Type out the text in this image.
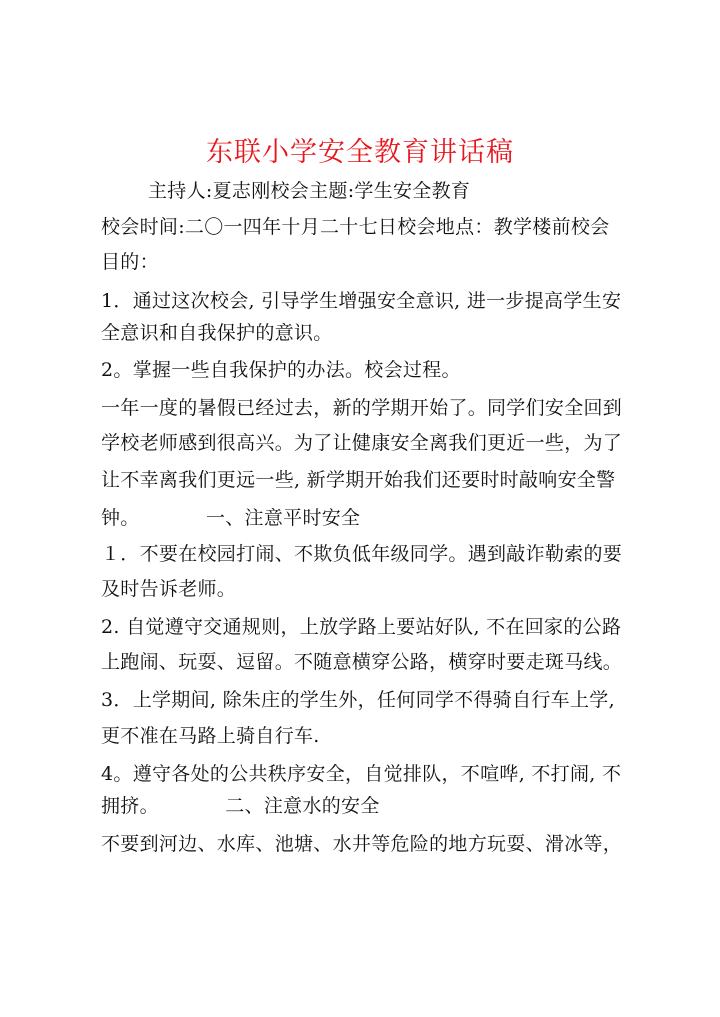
东联小学安全教育讲话稿
主持人:夏志刚校会主题:学生安全教育
校会时间:二〇一四年十月二十七日校会地点：教学楼前校会
目的：
1．通过这次校会, 引导学生增强安全意识, 进一步提高学生安
全意识和自我保护的意识。
2。掌握一些自我保护的办法。校会过程。
一年一度的暑假已经过去，新的学期开始了。同学们安全回到
学校老师感到很高兴。为了让健康安全离我们更近一些，为了
让不幸离我们更远一些, 新学期开始我们还要时时敲响安全警
钟。	一、注意平时安全
１．不要在校园打闹、不欺负低年级同学。遇到敲诈勒索的要
及时告诉老师。
2. 自觉遵守交通规则，上放学路上要站好队, 不在回家的公路
上跑闹、玩耍、逗留。不随意横穿公路，横穿时要走斑马线。
3．上学期间, 除朱庄的学生外，任何同学不得骑自行车上学,
更不准在马路上骑自行车.
4。遵守各处的公共秩序安全，自觉排队，不喧哗, 不打闹, 不
拥挤。	二、注意水的安全
不要到河边、水库、池塘、水井等危险的地方玩耍、滑冰等，
